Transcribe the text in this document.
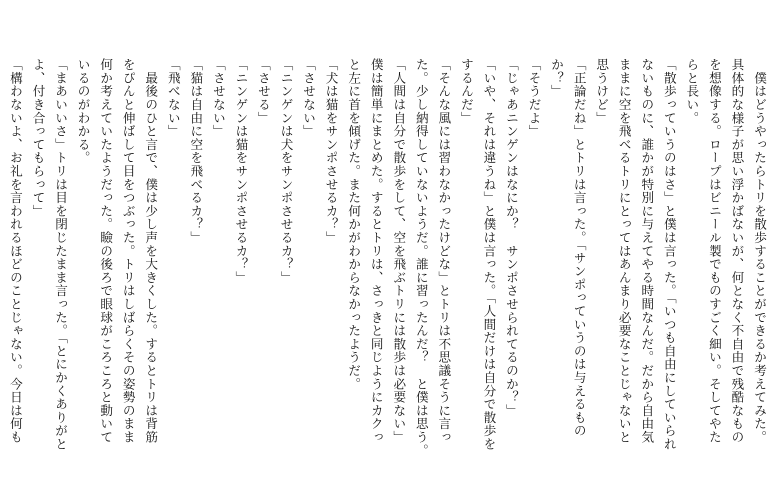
　僕はどうやったらトリを散歩することができるか考えてみた。
具体的な様子が思い浮かばないが、何となく不自由で残酷なもの
を想像する。ロープはビニール製でものすごく細い。そしてやた
らと長い。
「散歩っていうのはさ」と僕は言った。「いつも自由にしていられ
ないものに、誰かが特別に与えてやる時間なんだ。だから自由気
ままに空を飛べるトリにとってはあんまり必要なことじゃないと
思うけど」
「正論だね」とトリは言った。「サンポっていうのは与えるもの
か？」
「そうだよ」
「じゃあニンゲンはなにか？　サンポさせられてるのか？」
「いや、それは違うね」と僕は言った。「人間だけは自分で散歩を
するんだ」
「そんな風には習わなかったけどな」とトリは不思議そうに言っ
た。少し納得していないようだ。誰に習ったんだ？　と僕は思う。
「人間は自分で散歩をして、空を飛ぶトリには散歩は必要ない」
僕は簡単にまとめた。するとトリは、さっきと同じようにカクっ
と左に首を傾げた。また何かがわからなかったようだ。
「犬は猫をサンポさせるカ？」
「させない」
「ニンゲンは犬をサンポさせるカ？」
「させる」
「ニンゲンは猫をサンポさせるカ？」
「させない」
「猫は自由に空を飛べるカ？」
「飛べない」
　最後のひと言で、僕は少し声を大きくした。するとトリは背筋
をぴんと伸ばして目をつぶった。トリはしばらくその姿勢のまま
何か考えていたようだった。瞼の後ろで眼球がころころと動いて
いるのがわかる。
「まあいいさ」トリは目を閉じたまま言った。「とにかくありがと
よ、付き合ってもらって」
「構わないよ、お礼を言われるほどのことじゃない。今日は何も
